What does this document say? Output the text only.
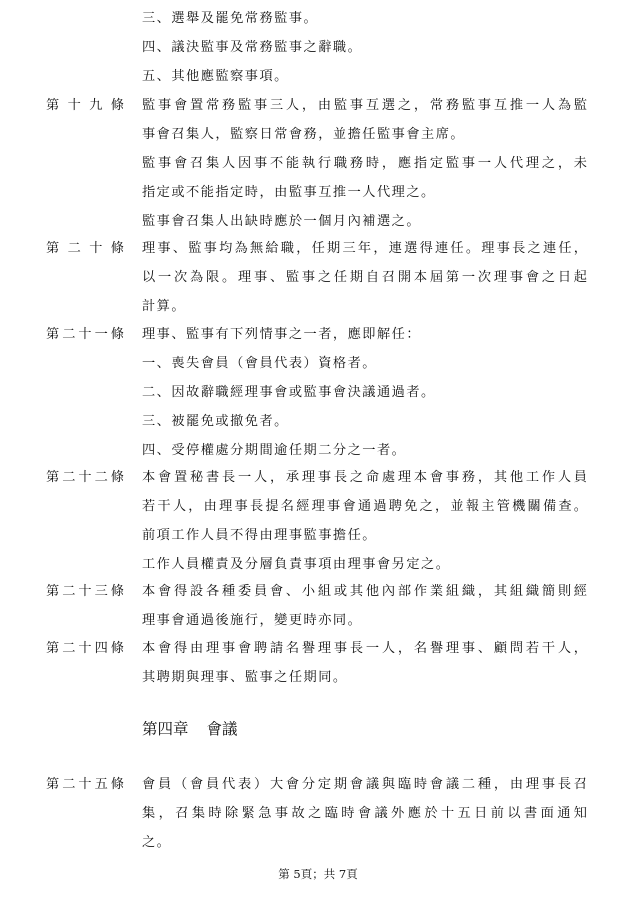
三、選舉及罷免常務監事。
四、議決監事及常務監事之辭職。
五、其他應監察事項。
第十九條 監事會置常務監事三人，由監事互選之，常務監事互推一人為監
事會召集人，監察日常會務，並擔任監事會主席。
監事會召集人因事不能執行職務時，應指定監事一人代理之，未
指定或不能指定時，由監事互推一人代理之。
監事會召集人出缺時應於一個月內補選之。
第二十條 理事、監事均為無給職，任期三年，連選得連任。理事長之連任，
以一次為限。理事、監事之任期自召開本屆第一次理事會之日起
計算。
第二十一條 理事、監事有下列情事之一者，應即解任：
一、喪失會員（會員代表）資格者。
二、因故辭職經理事會或監事會決議通過者。
三、被罷免或撤免者。
四、受停權處分期間逾任期二分之一者。
第二十二條 本會置秘書長一人，承理事長之命處理本會事務，其他工作人員
若干人，由理事長提名經理事會通過聘免之，並報主管機關備查。
前項工作人員不得由理事監事擔任。
工作人員權責及分層負責事項由理事會另定之。
第二十三條 本會得設各種委員會、小組或其他內部作業組織，其組織簡則經
理事會通過後施行，變更時亦同。
第二十四條 本會得由理事會聘請名譽理事長一人，名譽理事、顧問若干人，
其聘期與理事、監事之任期同。
第四章 會議
第二十五條 會員（會員代表）大會分定期會議與臨時會議二種，由理事長召
集，召集時除緊急事故之臨時會議外應於十五日前以書面通知
之。
第 5頁；共 7頁
